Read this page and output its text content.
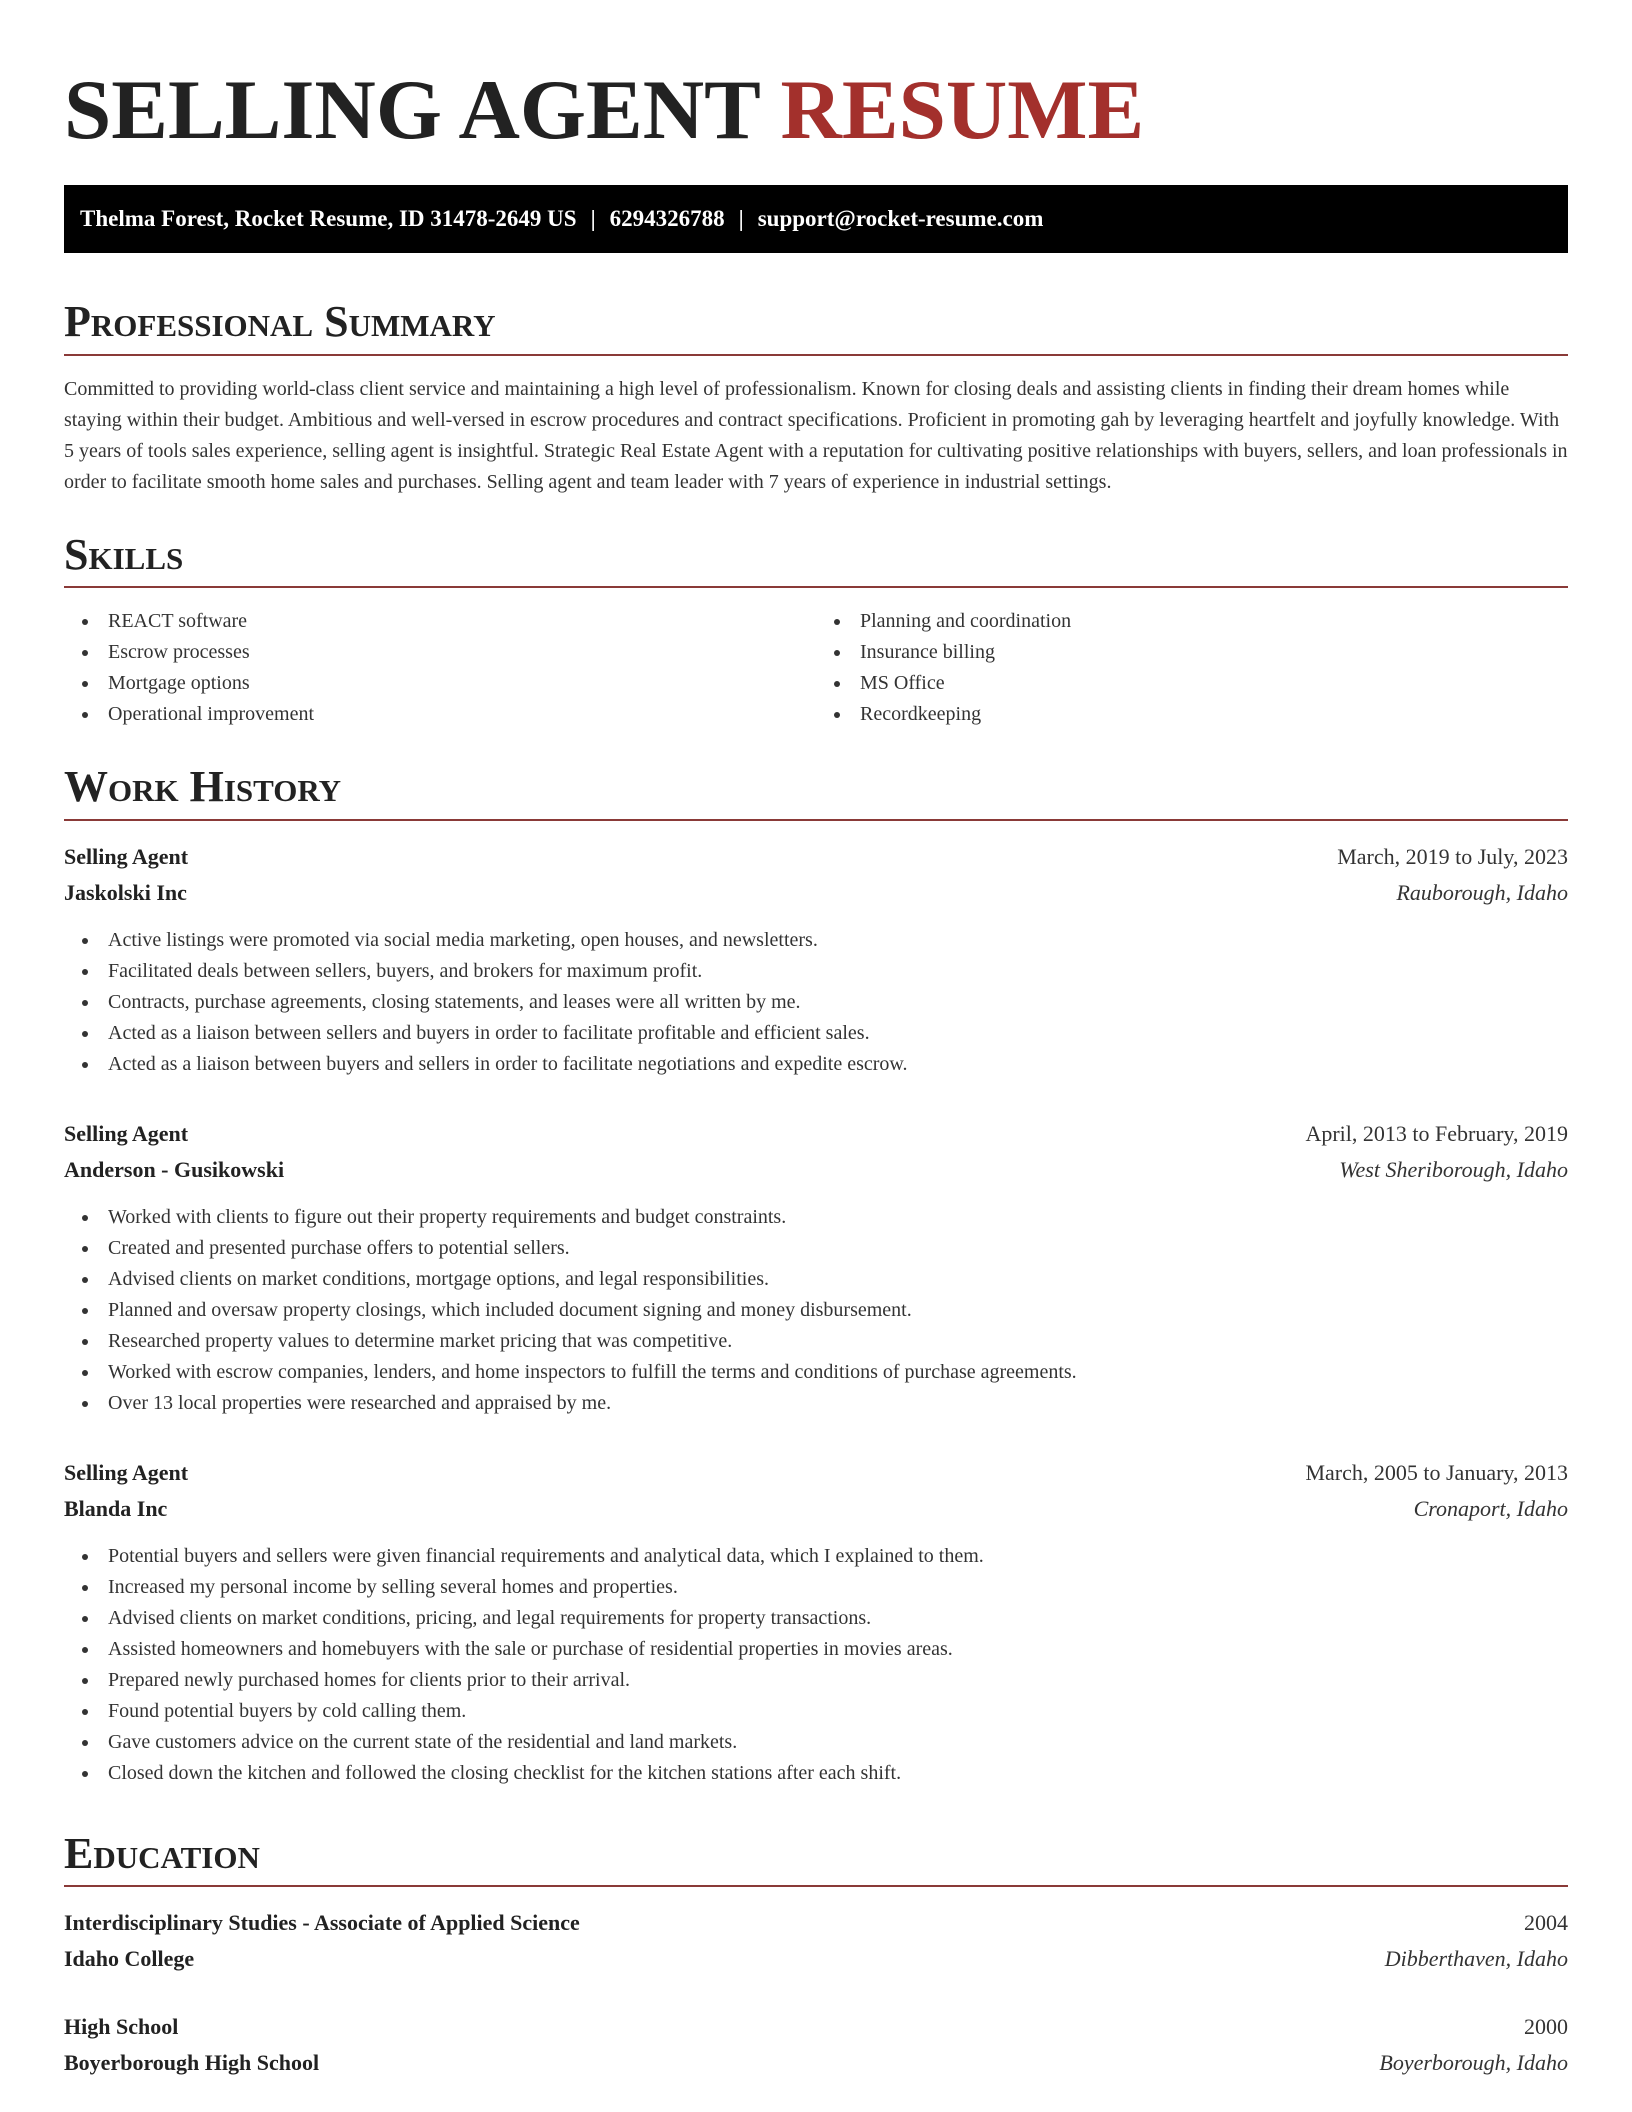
SELLING AGENT RESUME
Thelma Forest, Rocket Resume, ID 31478-2649 US | 6294326788 | support@rocket-resume.com
Professional Summary

Committed to providing world-class client service and maintaining a high level of professionalism. Known for closing deals and assisting clients in finding their dream homes while staying within their budget. Ambitious and well-versed in escrow procedures and contract specifications. Proficient in promoting gah by leveraging heartfelt and joyfully knowledge. With 5 years of tools sales experience, selling agent is insightful. Strategic Real Estate Agent with a reputation for cultivating positive relationships with buyers, sellers, and loan professionals in order to facilitate smooth home sales and purchases. Selling agent and team leader with 7 years of experience in industrial settings.

Skills
REACT software
Escrow processes
Mortgage options
Operational improvement
Planning and coordination
Insurance billing
MS Office
Recordkeeping
Work History
Selling Agent	March, 2019 to July, 2023
Jaskolski Inc	Rauborough, Idaho
Active listings were promoted via social media marketing, open houses, and newsletters.
Facilitated deals between sellers, buyers, and brokers for maximum profit.
Contracts, purchase agreements, closing statements, and leases were all written by me.
Acted as a liaison between sellers and buyers in order to facilitate profitable and efficient sales.
Acted as a liaison between buyers and sellers in order to facilitate negotiations and expedite escrow.
Selling Agent	April, 2013 to February, 2019
Anderson - Gusikowski	West Sheriborough, Idaho
Worked with clients to figure out their property requirements and budget constraints.
Created and presented purchase offers to potential sellers.
Advised clients on market conditions, mortgage options, and legal responsibilities.
Planned and oversaw property closings, which included document signing and money disbursement.
Researched property values to determine market pricing that was competitive.
Worked with escrow companies, lenders, and home inspectors to fulfill the terms and conditions of purchase agreements.
Over 13 local properties were researched and appraised by me.
Selling Agent	March, 2005 to January, 2013
Blanda Inc	Cronaport, Idaho
Potential buyers and sellers were given financial requirements and analytical data, which I explained to them.
Increased my personal income by selling several homes and properties.
Advised clients on market conditions, pricing, and legal requirements for property transactions.
Assisted homeowners and homebuyers with the sale or purchase of residential properties in movies areas.
Prepared newly purchased homes for clients prior to their arrival.
Found potential buyers by cold calling them.
Gave customers advice on the current state of the residential and land markets.
Closed down the kitchen and followed the closing checklist for the kitchen stations after each shift.
Education
Interdisciplinary Studies - Associate of Applied Science	2004
Idaho College	Dibberthaven, Idaho
High School	2000
Boyerborough High School	Boyerborough, Idaho
